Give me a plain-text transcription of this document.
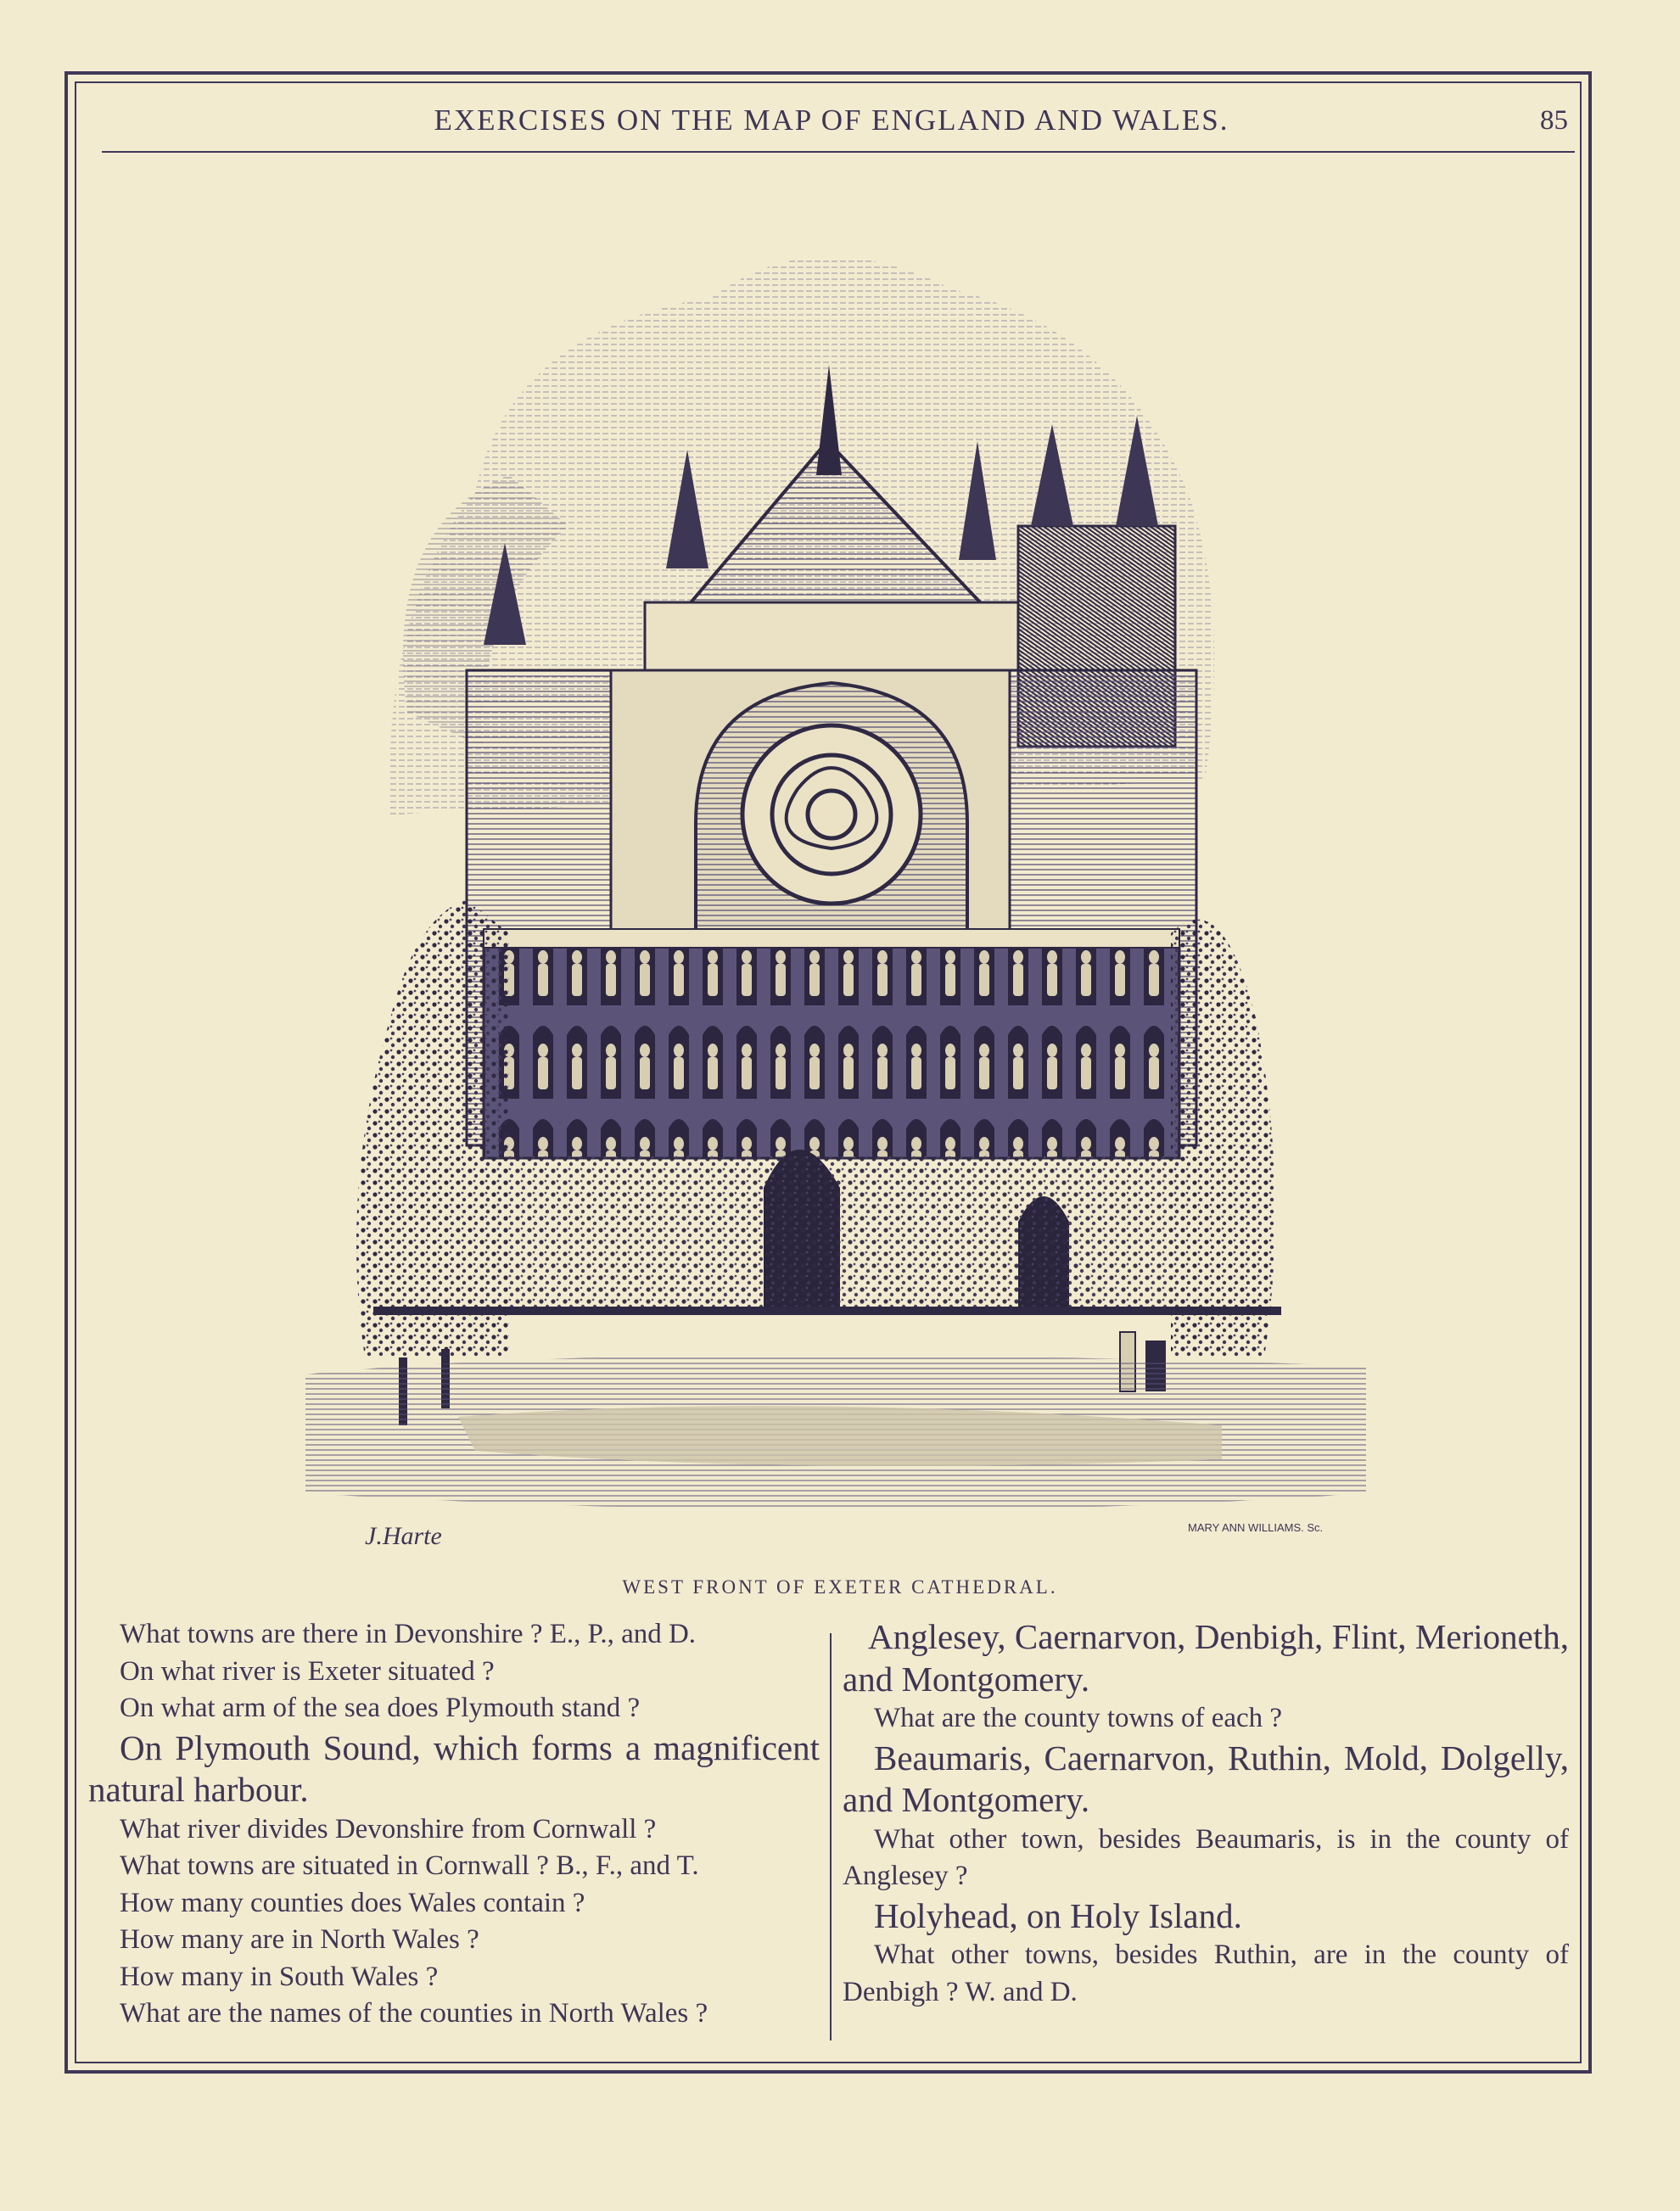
EXERCISES ON THE MAP OF ENGLAND AND WALES.	85
J.Harte	MARY ANN WILLIAMS. Sc.
WEST FRONT OF EXETER CATHEDRAL.

What towns are there in Devonshire ? E., P., and D.

On what river is Exeter situated ?

On what arm of the sea does Plymouth stand ?

On Plymouth Sound, which forms a magnificent natural harbour.

What river divides Devonshire from Cornwall ?

What towns are situated in Cornwall ? B., F., and T.

How many counties does Wales contain ?

How many are in North Wales ?

How many in South Wales ?

What are the names of the counties in North Wales ?

Anglesey, Caernarvon, Denbigh, Flint, Merioneth, and Montgomery.

What are the county towns of each ?

Beaumaris, Caernarvon, Ruthin, Mold, Dolgelly, and Montgomery.

What other town, besides Beaumaris, is in the county of Anglesey ?

Holyhead, on Holy Island.

What other towns, besides Ruthin, are in the county of Denbigh ? W. and D.
